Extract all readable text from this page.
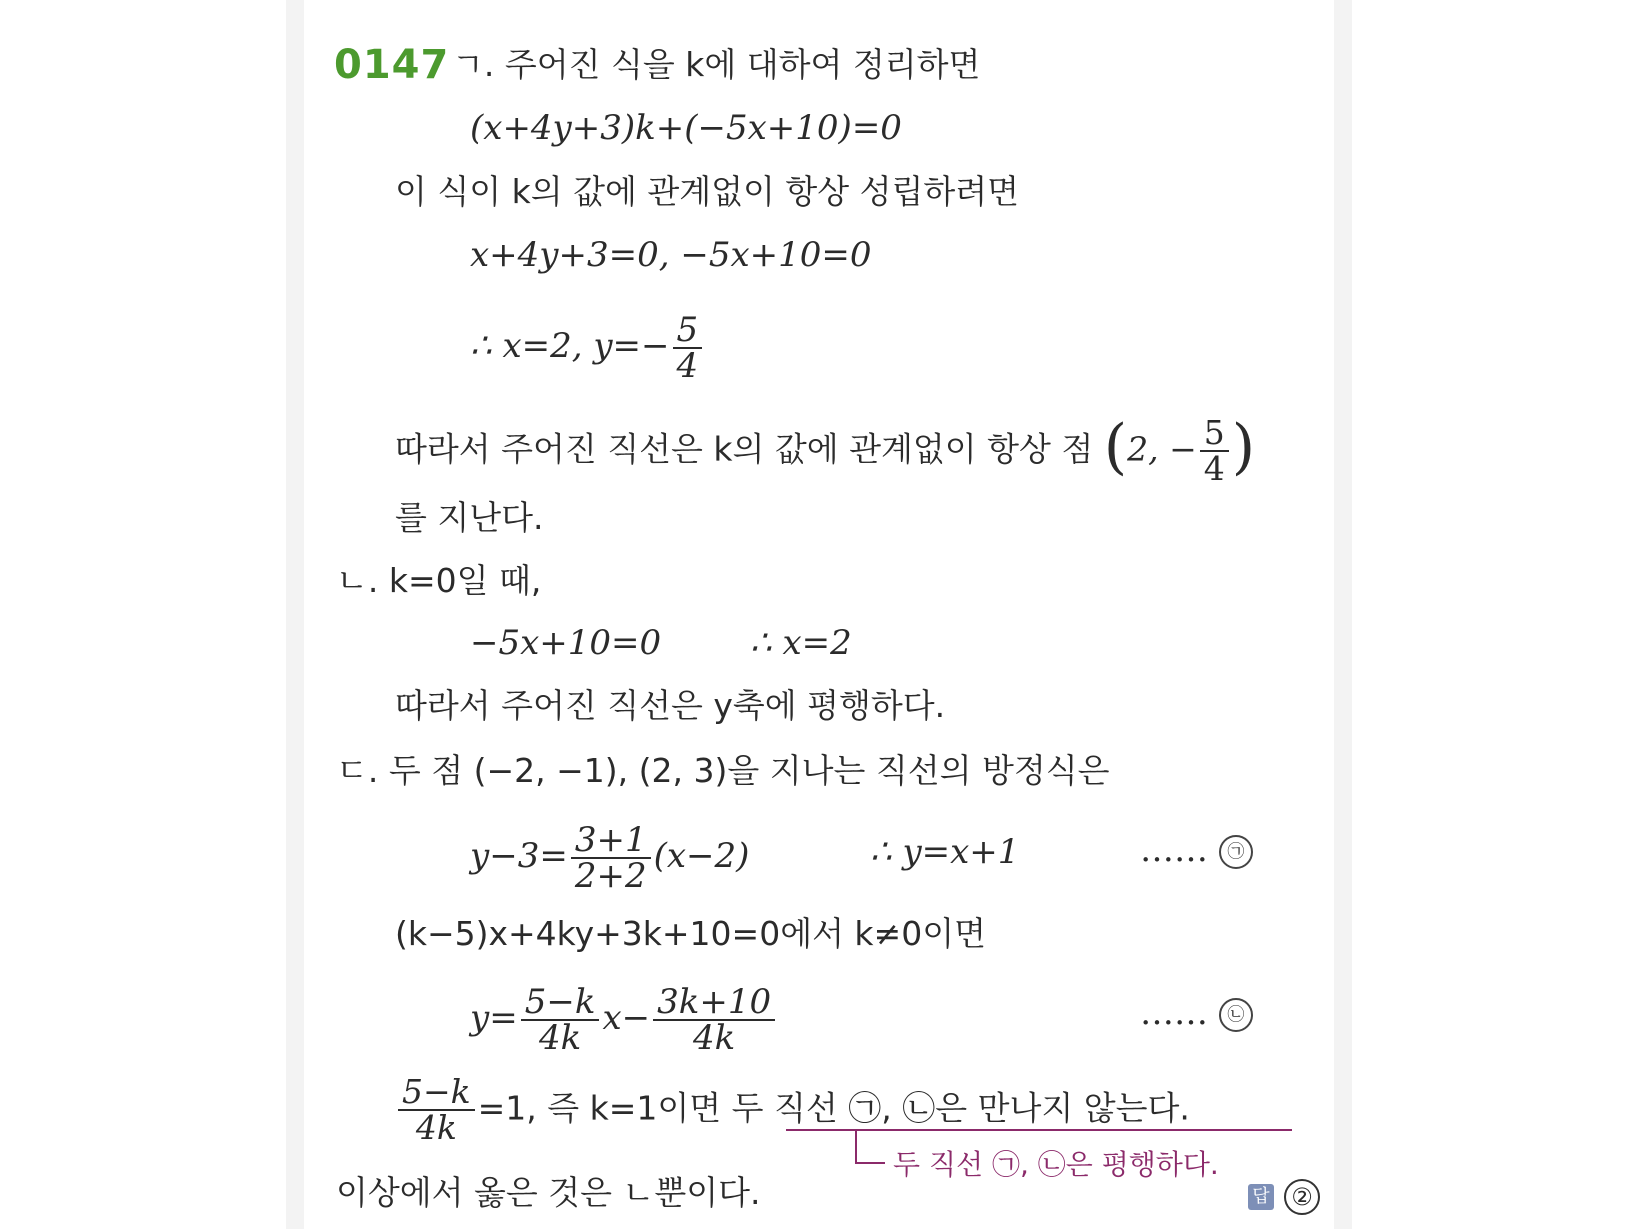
0147 ㄱ. 주어진 식을 k에 대하여 정리하면
(x+4y+3)k+(−5x+10)=0
이 식이 k의 값에 관계없이 항상 성립하려면
x+4y+3=0, −5x+10=0
∴ x=2, $y=- \frac{5}{4}$
따라서 주어진 직선은 k의 값에 관계없이 항상 점 (2, − $\frac{5}{4}$ )
를 지난다.
ㄴ. k=0일 때,
−5x+10=0	∴ x=2
따라서 주어진 직선은 y축에 평행하다.
ㄷ. 두 점 (−2, −1), (2, 3)을 지나는 직선의 방정식은
$y-3= \frac{3+1}{2+2} (x-2)$	∴ y=x+1	…… ㉠
(k−5)x+4ky+3k+10=0에서 k≠0이면
$y= \frac{5-k}{4k} x- \frac{3k+10}{4k}$	…… ㉡
$\frac{5-k}{4k} =1$, 즉 k=1이면 두 직선 ㉠, ㉡은 만나지 않는다.
두 직선 ㉠, ㉡은 평행하다.
이상에서 옳은 것은 ㄴ뿐이다.	답 ②
